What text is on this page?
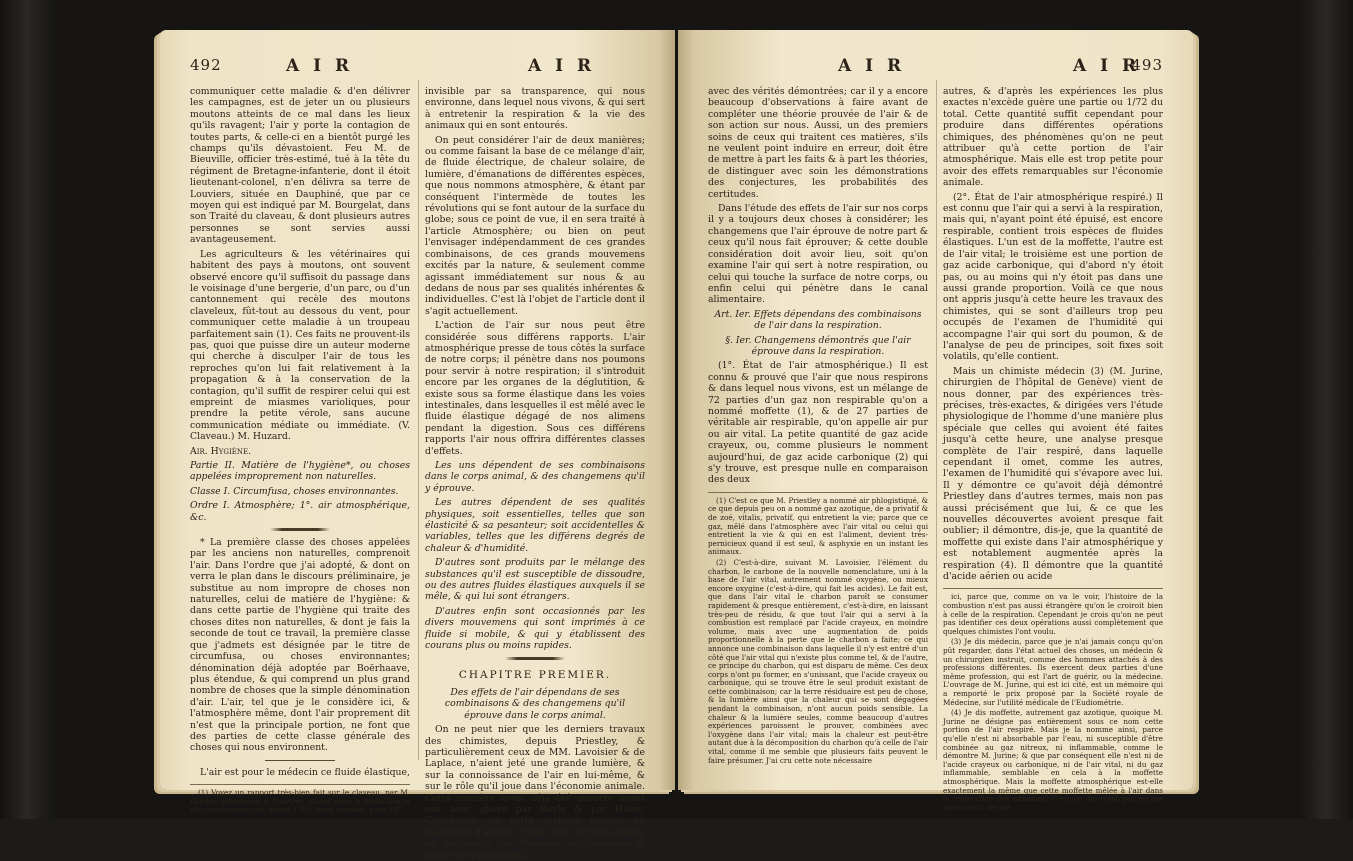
492	A I R	A I R

communiquer cette maladie & d'en délivrer les campagnes, est de jeter un ou plusieurs moutons atteints de ce mal dans les lieux qu'ils ravagent; l'air y porte la contagion de toutes parts, & celle-ci en a bientôt purgé les champs qu'ils dévastoient. Feu M. de Bieuville, officier très-estimé, tué à la tête du régiment de Bretagne-infanterie, dont il étoit lieutenant-colonel, n'en délivra sa terre de Louviers, située en Dauphiné, que par ce moyen qui est indiqué par M. Bourgelat, dans son Traité du claveau, & dont plusieurs autres personnes se sont servies aussi avantageusement.

Les agriculteurs & les vétérinaires qui habitent des pays à moutons, ont souvent observé encore qu'il suffisoit du passage dans le voisinage d'une bergerie, d'un parc, ou d'un cantonnement qui recèle des moutons claveleux, fût-tout au dessous du vent, pour communiquer cette maladie à un troupeau parfaitement sain (1). Ces faits ne prouvent-ils pas, quoi que puisse dire un auteur moderne qui cherche à disculper l'air de tous les reproches qu'on lui fait relativement à la propagation & à la conservation de la contagion, qu'il suffit de respirer celui qui est empreint de miasmes varioliques, pour prendre la petite vérole, sans aucune communication médiate ou immédiate. (V. Claveau.) M. Huzard.

Air. Hygiène.

Partie II. Matière de l'hygiène*, ou choses appelées improprement non naturelles.

Classe I. Circumfusa, choses environnantes.

Ordre I. Atmosphère; 1°. air atmosphérique, &c.

* La première classe des choses appelées par les anciens non naturelles, comprenoit l'air. Dans l'ordre que j'ai adopté, & dont on verra le plan dans le discours préliminaire, je substitue au nom impropre de choses non naturelles, celui de matière de l'hygiène: & dans cette partie de l'hygiène qui traite des choses dites non naturelles, & dont je fais la seconde de tout ce travail, la première classe que j'admets est désignée par le titre de circumfusa, ou choses environnantes; dénomination déjà adoptée par Boërhaave, plus étendue, & qui comprend un plus grand nombre de choses que la simple dénomination d'air. L'air, tel que je le considère ici, & l'atmosphère même, dont l'air proprement dit n'est que la principale portion, ne font que des parties de cette classe générale des choses qui nous environnent.

L'air est pour le médecin ce fluide élastique,

(1) Voyez un rapport très-bien fait sur le claveau, par M. Barrier, vétérinaire à Chartres, inséré dans la Bibliothèque physico-économique, année 1786, tome premier, page 197.

invisible par sa transparence, qui nous environne, dans lequel nous vivons, & qui sert à entretenir la respiration & la vie des animaux qui en sont entourés.

On peut considérer l'air de deux manières; ou comme faisant la base de ce mélange d'air, de fluide électrique, de chaleur solaire, de lumière, d'émanations de différentes espèces, que nous nommons atmosphère, & étant par conséquent l'intermède de toutes les révolutions qui se font autour de la surface du globe; sous ce point de vue, il en sera traité à l'article Atmosphère; ou bien on peut l'envisager indépendamment de ces grandes combinaisons, de ces grands mouvemens excités par la nature, & seulement comme agissant immédiatement sur nous & au dedans de nous par ses qualités inhérentes & individuelles. C'est là l'objet de l'article dont il s'agit actuellement.

L'action de l'air sur nous peut être considérée sous différens rapports. L'air atmosphérique presse de tous côtés la surface de notre corps; il pénètre dans nos poumons pour servir à notre respiration; il s'introduit encore par les organes de la déglutition, & existe sous sa forme élastique dans les voies intestinales, dans lesquelles il est mêlé avec le fluide élastique dégagé de nos alimens pendant la digestion. Sous ces différens rapports l'air nous offrira différentes classes d'effets.

Les uns dépendent de ses combinaisons dans le corps animal, & des changemens qu'il y éprouve.

Les autres dépendent de ses qualités physiques, soit essentielles, telles que son élasticité & sa pesanteur; soit accidentelles & variables, telles que les différens degrés de chaleur & d'humidité.

D'autres sont produits par le mélange des substances qu'il est susceptible de dissoudre, ou des autres fluides élastiques auxquels il se mêle, & qui lui sont étrangers.

D'autres enfin sont occasionnés par les divers mouvemens qui sont imprimés à ce fluide si mobile, & qui y établissent des courans plus ou moins rapides.

CHAPITRE PREMIER.

Des effets de l'air dépendans de ses combinaisons & des changemens qu'il éprouve dans le corps animal.

On ne peut nier que les derniers travaux des chimistes, depuis Priestley, & particulièrement ceux de MM. Lavoisier & de Laplace, n'aient jeté une grande lumière, & sur la connoissance de l'air en lui-même, & sur le rôle qu'il joue dans l'économie animale. Cette carrière avoit déjà été ouverte avant eux avec gloire par Boyle & par Hales. Cependant, en cette matière comme en beaucoup d'autres, il faut bien prendre garde de confondre des théories satisfaisantes & même très-probables,

A I R	A I R
493

avec des vérités démontrées; car il y a encore beaucoup d'observations à faire avant de compléter une théorie prouvée de l'air & de son action sur nous. Aussi, un des premiers soins de ceux qui traitent ces matières, s'ils ne veulent point induire en erreur, doit être de mettre à part les faits & à part les théories, de distinguer avec soin les démonstrations des conjectures, les probabilités des certitudes.

Dans l'étude des effets de l'air sur nos corps il y a toujours deux choses à considérer; les changemens que l'air éprouve de notre part & ceux qu'il nous fait éprouver; & cette double considération doit avoir lieu, soit qu'on examine l'air qui sert à notre respiration, ou celui qui touche la surface de notre corps, ou enfin celui qui pénètre dans le canal alimentaire.

Art. Ier. Effets dépendans des combinaisons de l'air dans la respiration.

§. Ier. Changemens démontrés que l'air éprouve dans la respiration.

(1°. État de l'air atmosphérique.) Il est connu & prouvé que l'air que nous respirons & dans lequel nous vivons, est un mélange de 72 parties d'un gaz non respirable qu'on a nommé moffette (1), & de 27 parties de véritable air respirable, qu'on appelle air pur ou air vital. La petite quantité de gaz acide crayeux, ou, comme plusieurs le nomment aujourd'hui, de gaz acide carbonique (2) qui s'y trouve, est presque nulle en comparaison des deux

(1) C'est ce que M. Priestley a nommé air phlogistiqué, & ce que depuis peu on a nommé gaz azotique, de a privatif & de zoé, vitalis, privatif, qui entretient la vie; parce que ce gaz, mêlé dans l'atmosphère avec l'air vital ou celui qui entretient la vie & qui en est l'aliment, devient très-pernicieux quand il est seul, & asphyxie en un instant les animaux.

(2) C'est-à-dire, suivant M. Lavoisier, l'élément du charbon, le carbone de la nouvelle nomenclature, uni à la base de l'air vital, autrement nommé oxygène, ou mieux encore oxygine (c'est-à-dire, qui fait les acides). Le fait est, que dans l'air vital le charbon paroît se consumer rapidement & presque entièrement, c'est-à-dire, en laissant très-peu de résidu, & que tout l'air qui a servi à la combustion est remplacé par l'acide crayeux, en moindre volume, mais avec une augmentation de poids proportionnelle à la perte que le charbon a faite; ce qui annonce une combinaison dans laquelle il n'y est entré d'un côté que l'air vital qui n'existe plus comme tel, & de l'autre, ce principe du charbon, qui est disparu de même. Ces deux corps n'ont pu former, en s'unissant, que l'acide crayeux ou carbonique, qui se trouve être le seul produit existant de cette combinaison; car la terre résiduaire est peu de chose, & la lumière ainsi que la chaleur qui se sont dégagées pendant la combinaison, n'ont aucun poids sensible. La chaleur & la lumière seules, comme beaucoup d'autres expériences paroissent le prouver, combinées avec l'oxygène dans l'air vital; mais la chaleur est peut-être autant due à la décomposition du charbon qu'à celle de l'air vital, comme il me semble que plusieurs faits peuvent le faire présumer. J'ai cru cette note nécessaire

autres, & d'après les expériences les plus exactes n'excède guère une partie ou 1/72 du total. Cette quantité suffit cependant pour produire dans différentes opérations chimiques, des phénomènes qu'on ne peut attribuer qu'à cette portion de l'air atmosphérique. Mais elle est trop petite pour avoir des effets remarquables sur l'économie animale.

(2°. État de l'air atmosphérique respiré.) Il est connu que l'air qui a servi à la respiration, mais qui, n'ayant point été épuisé, est encore respirable, contient trois espèces de fluides élastiques. L'un est de la moffette, l'autre est de l'air vital; le troisième est une portion de gaz acide carbonique, qui d'abord n'y étoit pas, ou au moins qui n'y étoit pas dans une aussi grande proportion. Voilà ce que nous ont appris jusqu'à cette heure les travaux des chimistes, qui se sont d'ailleurs trop peu occupés de l'examen de l'humidité qui accompagne l'air qui sort du poumon, & de l'analyse de peu de principes, soit fixes soit volatils, qu'elle contient.

Mais un chimiste médecin (3) (M. Jurine, chirurgien de l'hôpital de Genève) vient de nous donner, par des expériences très-précises, très-exactes, & dirigées vers l'étude physiologique de l'homme d'une manière plus spéciale que celles qui avoient été faites jusqu'à cette heure, une analyse presque complète de l'air respiré, dans laquelle cependant il omet, comme les autres, l'examen de l'humidité qui s'évapore avec lui. Il y démontre ce qu'avoit déjà démontré Priestley dans d'autres termes, mais non pas aussi précisément que lui, & ce que les nouvelles découvertes avoient presque fait oublier; il démontre, dis-je, que la quantité de moffette qui existe dans l'air atmosphérique y est notablement augmentée après la respiration (4). Il démontre que la quantité d'acide aérien ou acide

ici, parce que, comme on va le voir, l'histoire de la combustion n'est pas aussi étrangère qu'on le croiroit bien à celle de la respiration. Cependant je crois qu'on ne peut pas identifier ces deux opérations aussi complètement que quelques chimistes l'ont voulu.

(3) Je dis médecin, parce que je n'ai jamais conçu qu'on pût regarder, dans l'état actuel des choses, un médecin & un chirurgien instruit, comme des hommes attachés à des professions différentes. Ils exercent deux parties d'une même profession, qui est l'art de guérir, ou la médecine. L'ouvrage de M. Jurine, qui est ici cité, est un mémoire qui a remporté le prix proposé par la Société royale de Médecine, sur l'utilité médicale de l'Eudiométrie.

(4) Je dis moffette, autrement gaz azotique, quoique M. Jurine ne désigne pas entièrement sous ce nom cette portion de l'air respiré. Mais je la nomme ainsi, parce qu'elle n'est ni absorbable par l'eau, ni susceptible d'être combinée au gaz nitreux, ni inflammable, comme le démontre M. Jurine; & que par conséquent elle n'est ni de l'acide crayeux ou carbonique, ni de l'air vital, ni du gaz inflammable, semblable en cela à la moffette atmosphérique. Mais la moffette atmosphérique est-elle exactement la même que cette moffette mêlée à l'air dans la respiration des animaux? C'est ce qui n'est pas encore pleinement décidé.
